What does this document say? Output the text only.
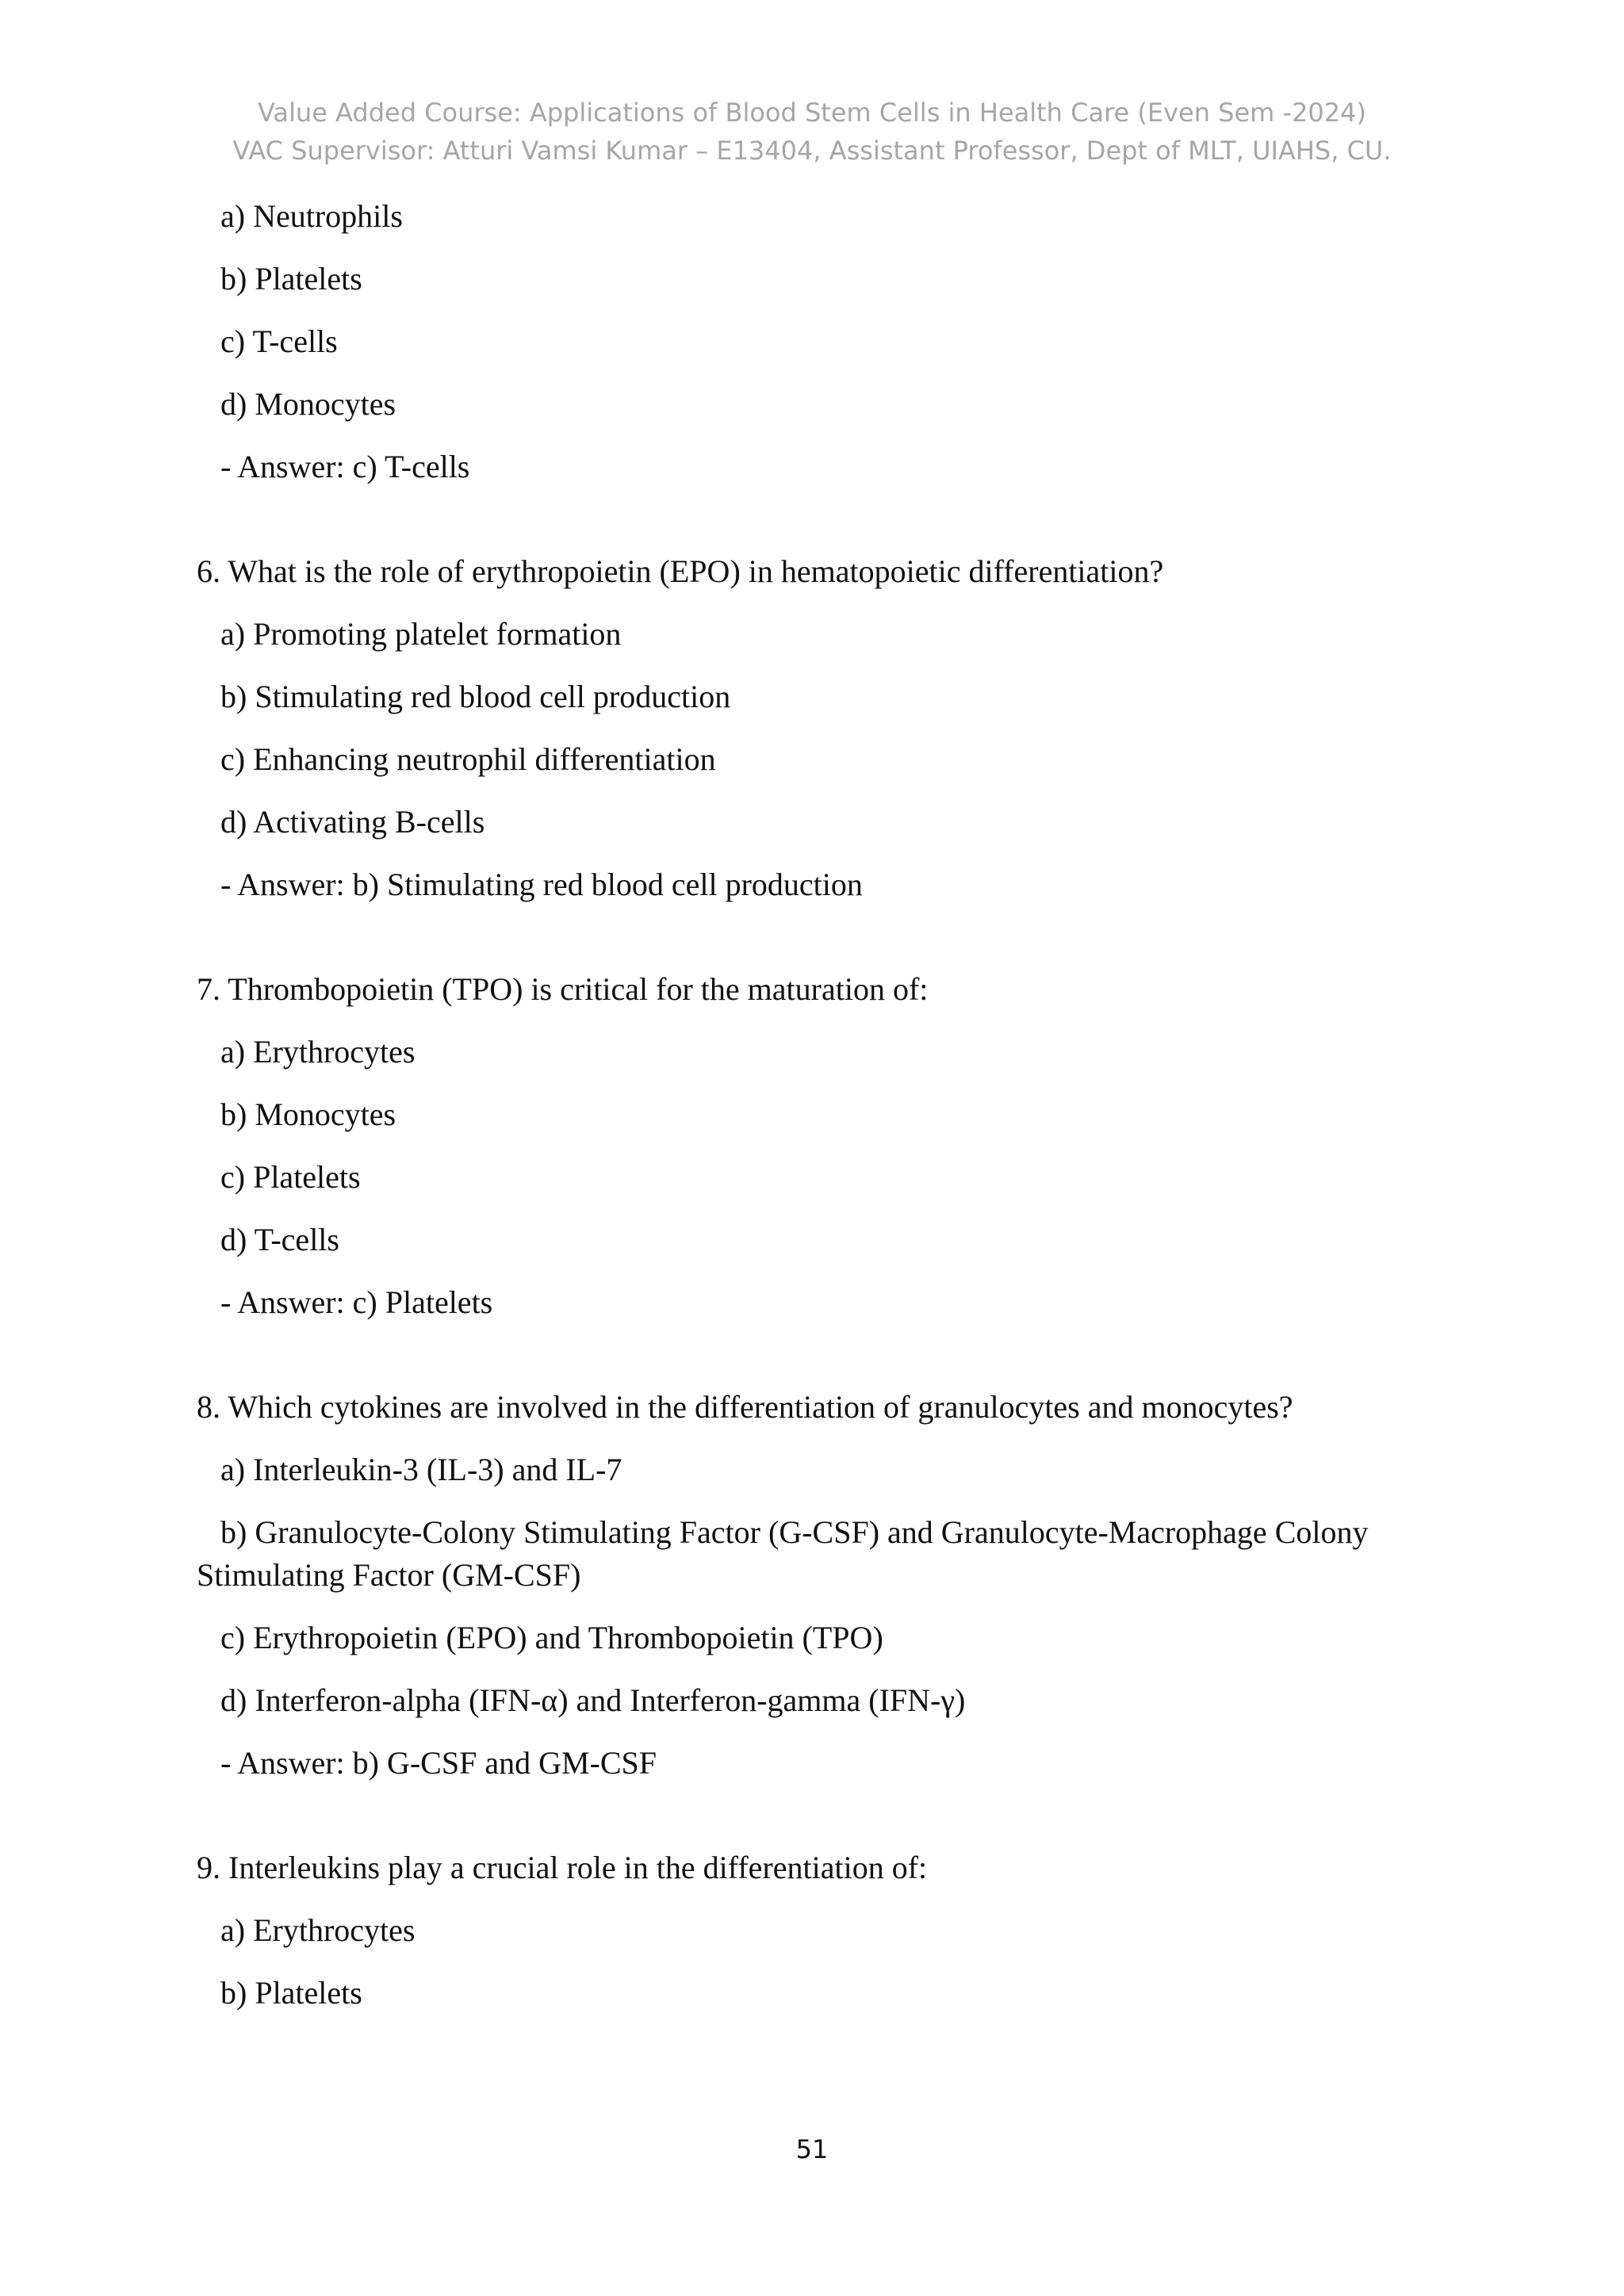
Value Added Course: Applications of Blood Stem Cells in Health Care (Even Sem -2024)
VAC Supervisor: Atturi Vamsi Kumar – E13404, Assistant Professor, Dept of MLT, UIAHS, CU.
a) Neutrophils
b) Platelets
c) T-cells
d) Monocytes
- Answer: c) T-cells
6. What is the role of erythropoietin (EPO) in hematopoietic differentiation?
a) Promoting platelet formation
b) Stimulating red blood cell production
c) Enhancing neutrophil differentiation
d) Activating B-cells
- Answer: b) Stimulating red blood cell production
7. Thrombopoietin (TPO) is critical for the maturation of:
a) Erythrocytes
b) Monocytes
c) Platelets
d) T-cells
- Answer: c) Platelets
8. Which cytokines are involved in the differentiation of granulocytes and monocytes?
a) Interleukin-3 (IL-3) and IL-7
b) Granulocyte-Colony Stimulating Factor (G-CSF) and Granulocyte-Macrophage Colony Stimulating Factor (GM-CSF)
c) Erythropoietin (EPO) and Thrombopoietin (TPO)
d) Interferon-alpha (IFN-α) and Interferon-gamma (IFN-γ)
- Answer: b) G-CSF and GM-CSF
9. Interleukins play a crucial role in the differentiation of:
a) Erythrocytes
b) Platelets
51
